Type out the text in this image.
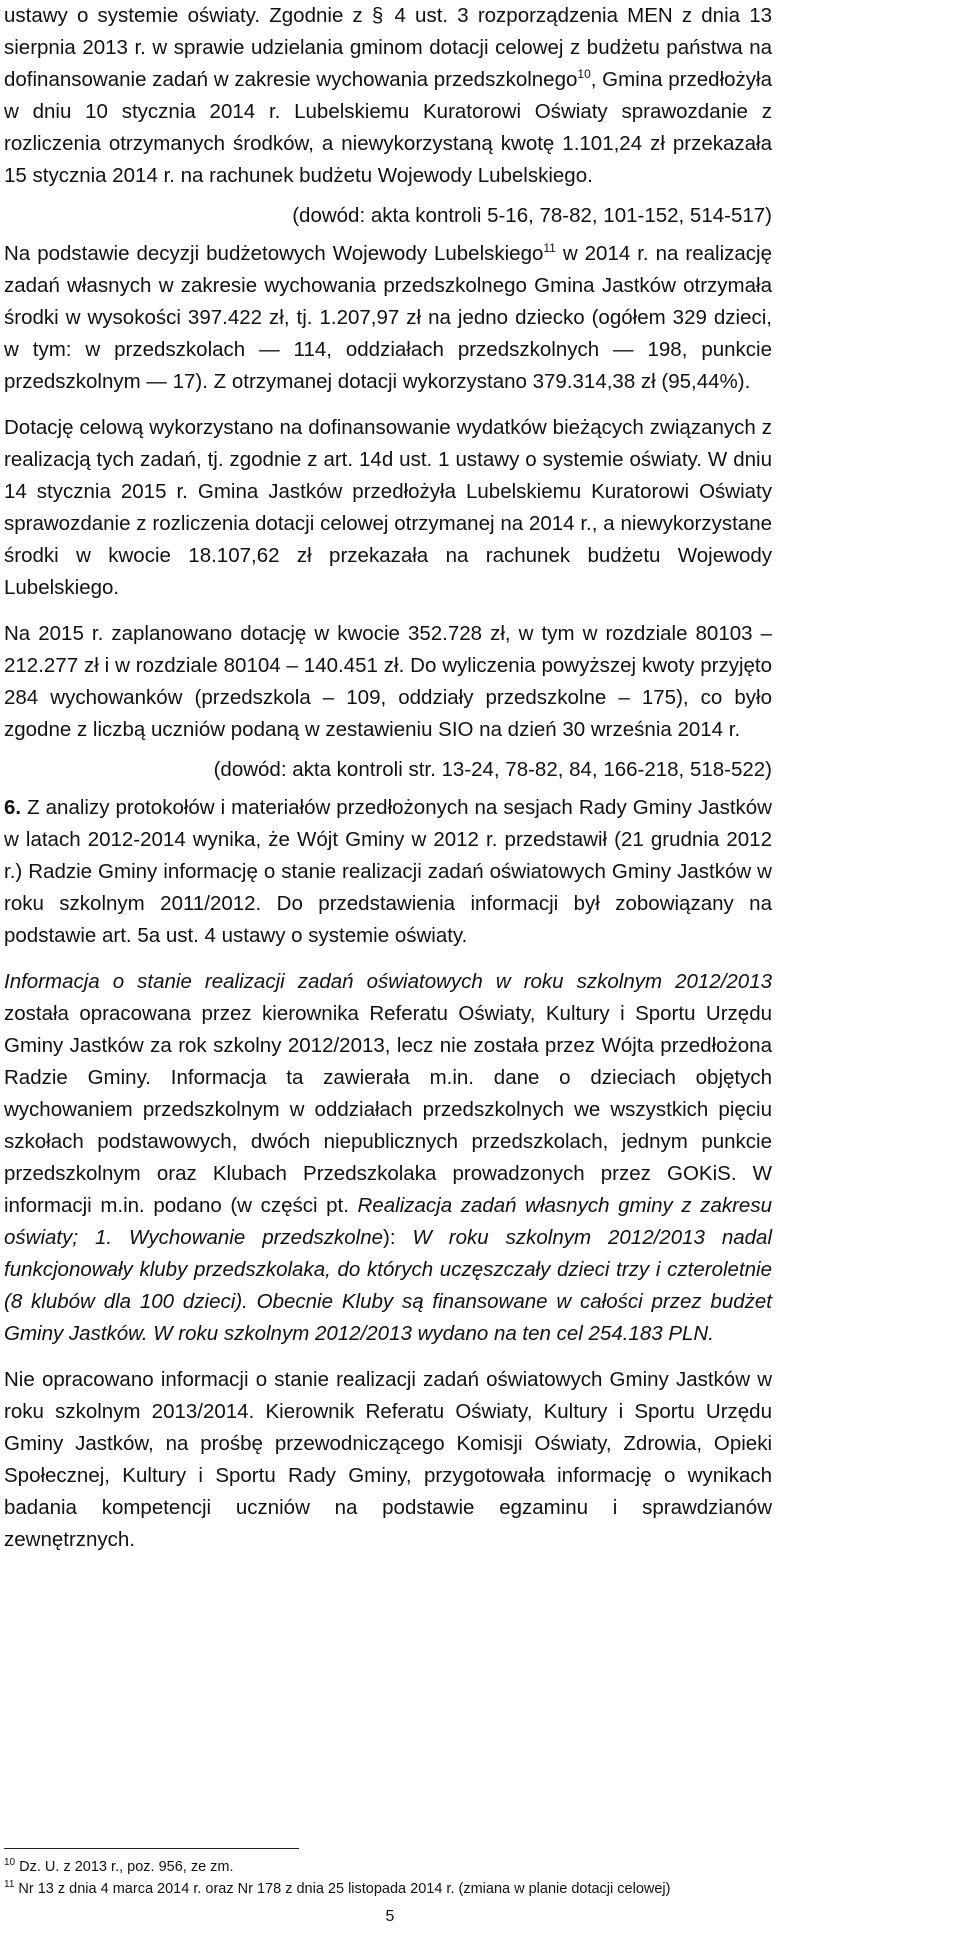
ustawy o systemie oświaty. Zgodnie z § 4 ust. 3 rozporządzenia MEN z dnia 13 sierpnia 2013 r. w sprawie udzielania gminom dotacji celowej z budżetu państwa na dofinansowanie zadań w zakresie wychowania przedszkolnego$^{10}$, Gmina przedłożyła w dniu 10 stycznia 2014 r. Lubelskiemu Kuratorowi Oświaty sprawozdanie z rozliczenia otrzymanych środków, a niewykorzystaną kwotę 1.101,24 zł przekazała 15 stycznia 2014 r. na rachunek budżetu Wojewody Lubelskiego.

(dowód: akta kontroli 5-16, 78-82, 101-152, 514-517)

Na podstawie decyzji budżetowych Wojewody Lubelskiego$^{11}$ w 2014 r. na realizację zadań własnych w zakresie wychowania przedszkolnego Gmina Jastków otrzymała środki w wysokości 397.422 zł, tj. 1.207,97 zł na jedno dziecko (ogółem 329 dzieci, w tym: w przedszkolach — 114, oddziałach przedszkolnych — 198, punkcie przedszkolnym — 17). Z otrzymanej dotacji wykorzystano 379.314,38 zł (95,44%).

Dotację celową wykorzystano na dofinansowanie wydatków bieżących związanych z realizacją tych zadań, tj. zgodnie z art. 14d ust. 1 ustawy o systemie oświaty. W dniu 14 stycznia 2015 r. Gmina Jastków przedłożyła Lubelskiemu Kuratorowi Oświaty sprawozdanie z rozliczenia dotacji celowej otrzymanej na 2014 r., a niewykorzystane środki w kwocie 18.107,62 zł przekazała na rachunek budżetu Wojewody Lubelskiego.

Na 2015 r. zaplanowano dotację w kwocie 352.728 zł, w tym w rozdziale 80103 – 212.277 zł i w rozdziale 80104 – 140.451 zł. Do wyliczenia powyższej kwoty przyjęto 284 wychowanków (przedszkola – 109, oddziały przedszkolne – 175), co było zgodne z liczbą uczniów podaną w zestawieniu SIO na dzień 30 września 2014 r.

(dowód: akta kontroli str. 13-24, 78-82, 84, 166-218, 518-522)

6. Z analizy protokołów i materiałów przedłożonych na sesjach Rady Gminy Jastków w latach 2012-2014 wynika, że Wójt Gminy w 2012 r. przedstawił (21 grudnia 2012 r.) Radzie Gminy informację o stanie realizacji zadań oświatowych Gminy Jastków w roku szkolnym 2011/2012. Do przedstawienia informacji był zobowiązany na podstawie art. 5a ust. 4 ustawy o systemie oświaty.

Informacja o stanie realizacji zadań oświatowych w roku szkolnym 2012/2013 została opracowana przez kierownika Referatu Oświaty, Kultury i Sportu Urzędu Gminy Jastków za rok szkolny 2012/2013, lecz nie została przez Wójta przedłożona Radzie Gminy. Informacja ta zawierała m.in. dane o dzieciach objętych wychowaniem przedszkolnym w oddziałach przedszkolnych we wszystkich pięciu szkołach podstawowych, dwóch niepublicznych przedszkolach, jednym punkcie przedszkolnym oraz Klubach Przedszkolaka prowadzonych przez GOKiS. W informacji m.in. podano (w części pt. Realizacja zadań własnych gminy z zakresu oświaty; 1. Wychowanie przedszkolne): W roku szkolnym 2012/2013 nadal funkcjonowały kluby przedszkolaka, do których uczęszczały dzieci trzy i czteroletnie (8 klubów dla 100 dzieci). Obecnie Kluby są finansowane w całości przez budżet Gminy Jastków. W roku szkolnym 2012/2013 wydano na ten cel 254.183 PLN.

Nie opracowano informacji o stanie realizacji zadań oświatowych Gminy Jastków w roku szkolnym 2013/2014. Kierownik Referatu Oświaty, Kultury i Sportu Urzędu Gminy Jastków, na prośbę przewodniczącego Komisji Oświaty, Zdrowia, Opieki Społecznej, Kultury i Sportu Rady Gminy, przygotowała informację o wynikach badania kompetencji uczniów na podstawie egzaminu i sprawdzianów zewnętrznych.

$^{10}$ Dz. U. z 2013 r., poz. 956, ze zm.

$^{11}$ Nr 13 z dnia 4 marca 2014 r. oraz Nr 178 z dnia 25 listopada 2014 r. (zmiana w planie dotacji celowej)

5
